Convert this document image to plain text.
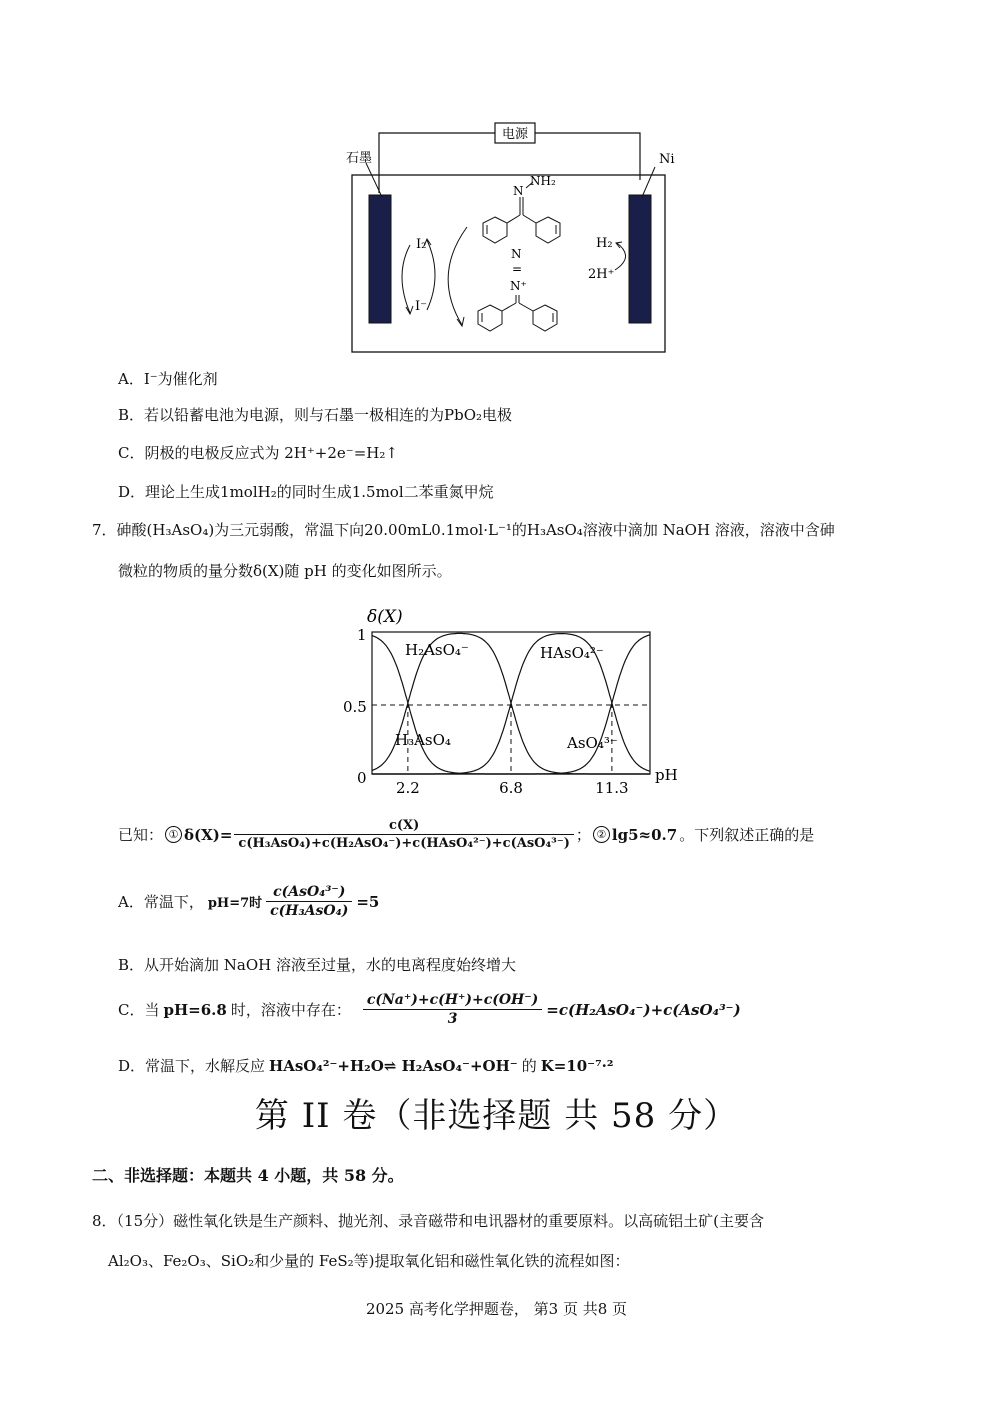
电源
石墨	Ni
I₂
I⁻
N
NH₂
N
=
N⁺
H₂
2H⁺
A．I⁻为催化剂
B．若以铅蓄电池为电源，则与石墨一极相连的为PbO₂电极
C．阴极的电极反应式为 2H⁺+2e⁻=H₂↑
D．理论上生成1molH₂的同时生成1.5mol二苯重氮甲烷
7．砷酸(H₃AsO₄)为三元弱酸，常温下向20.00mL0.1mol·L⁻¹的H₃AsO₄溶液中滴加 NaOH 溶液，溶液中含砷
微粒的物质的量分数δ(X)随 pH 的变化如图所示。
δ(X)
1
0.5
0	pH
2.2	6.8	11.3
H₂AsO₄⁻	HAsO₄²⁻
H₃AsO₄	AsO₄³⁻
已知： ① $\delta(X)= \frac{c(X)}{\text{c(H₃AsO₄)+c(H₂AsO₄⁻)+c(HAsO₄²⁻)+c(AsO₄³⁻)}}$ ； ② lg5≈0.7 。下列叙述正确的是
A．常温下， pH=7时 $\frac{\text{c(AsO₄³⁻)}}{\text{c(H₃AsO₄)}} =5$
B．从开始滴加 NaOH 溶液至过量，水的电离程度始终增大
C．当 pH=6.8 时，溶液中存在： $\frac{c(Na^+)+c(H^+)+c(OH^-)}{3} =c(H_2AsO_4^-)+c(AsO_4^{3-})$
D．常温下，水解反应 HAsO₄²⁻+H₂O⇌ H₂AsO₄⁻+OH⁻ 的 K=10⁻⁷·²
第 II 卷（非选择题 共 58 分）
二、非选择题：本题共 4 小题，共 58 分。
8．（15分）磁性氧化铁是生产颜料、抛光剂、录音磁带和电讯器材的重要原料。以高硫铝土矿(主要含
Al₂O₃、Fe₂O₃、SiO₂和少量的 FeS₂等)提取氧化铝和磁性氧化铁的流程如图：
2025 高考化学押题卷， 第3 页 共8 页
